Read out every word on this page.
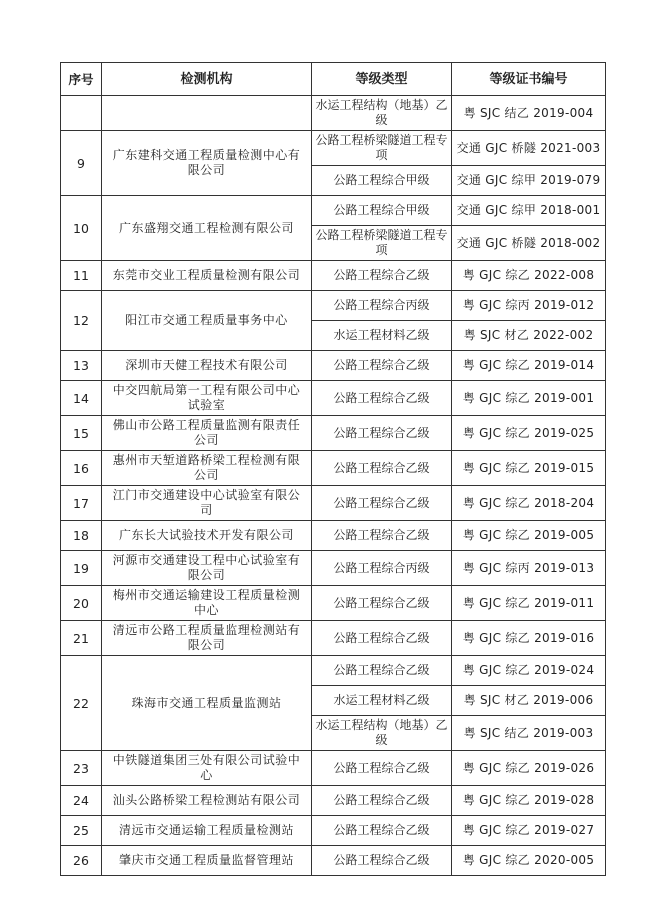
序号	检测机构	等级类型	等级证书编号
		水运工程结构（地基）乙级	粤 SJC 结乙 2019-004
9	广东建科交通工程质量检测中心有限公司	公路工程桥梁隧道工程专项	交通 GJC 桥隧 2021-003
		公路工程综合甲级	交通 GJC 综甲 2019-079
10	广东盛翔交通工程检测有限公司	公路工程综合甲级	交通 GJC 综甲 2018-001
		公路工程桥梁隧道工程专项	交通 GJC 桥隧 2018-002
11	东莞市交业工程质量检测有限公司	公路工程综合乙级	粤 GJC 综乙 2022-008
12	阳江市交通工程质量事务中心	公路工程综合丙级	粤 GJC 综丙 2019-012
		水运工程材料乙级	粤 SJC 材乙 2022-002
13	深圳市天健工程技术有限公司	公路工程综合乙级	粤 GJC 综乙 2019-014
14	中交四航局第一工程有限公司中心试验室	公路工程综合乙级	粤 GJC 综乙 2019-001
15	佛山市公路工程质量监测有限责任公司	公路工程综合乙级	粤 GJC 综乙 2019-025
16	惠州市天堑道路桥梁工程检测有限公司	公路工程综合乙级	粤 GJC 综乙 2019-015
17	江门市交通建设中心试验室有限公司	公路工程综合乙级	粤 GJC 综乙 2018-204
18	广东长大试验技术开发有限公司	公路工程综合乙级	粤 GJC 综乙 2019-005
19	河源市交通建设工程中心试验室有限公司	公路工程综合丙级	粤 GJC 综丙 2019-013
20	梅州市交通运输建设工程质量检测中心	公路工程综合乙级	粤 GJC 综乙 2019-011
21	清远市公路工程质量监理检测站有限公司	公路工程综合乙级	粤 GJC 综乙 2019-016
22	珠海市交通工程质量监测站	公路工程综合乙级	粤 GJC 综乙 2019-024
		水运工程材料乙级	粤 SJC 材乙 2019-006
		水运工程结构（地基）乙级	粤 SJC 结乙 2019-003
23	中铁隧道集团三处有限公司试验中心	公路工程综合乙级	粤 GJC 综乙 2019-026
24	汕头公路桥梁工程检测站有限公司	公路工程综合乙级	粤 GJC 综乙 2019-028
25	清远市交通运输工程质量检测站	公路工程综合乙级	粤 GJC 综乙 2019-027
26	肇庆市交通工程质量监督管理站	公路工程综合乙级	粤 GJC 综乙 2020-005
